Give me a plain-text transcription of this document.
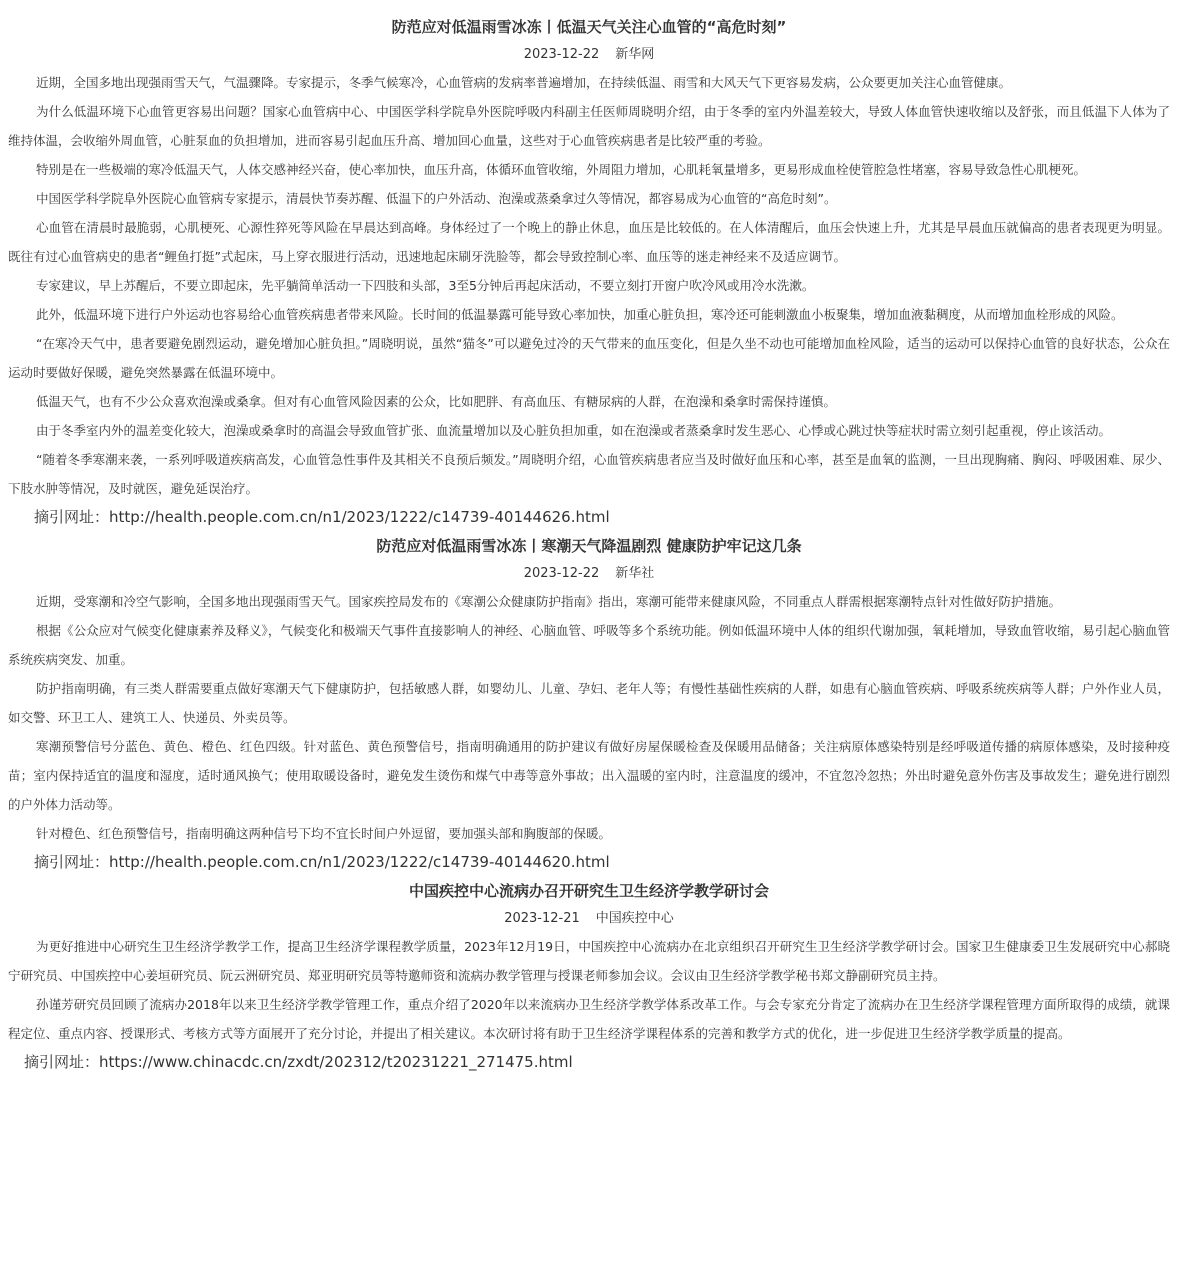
防范应对低温雨雪冰冻丨低温天气关注心血管的“高危时刻”
2023-12-22 新华网

近期，全国多地出现强雨雪天气，气温骤降。专家提示，冬季气候寒冷，心血管病的发病率普遍增加，在持续低温、雨雪和大风天气下更容易发病，公众要更加关注心血管健康。

为什么低温环境下心血管更容易出问题？国家心血管病中心、中国医学科学院阜外医院呼吸内科副主任医师周晓明介绍，由于冬季的室内外温差较大，导致人体血管快速收缩以及舒张，而且低温下人体为了维持体温，会收缩外周血管，心脏泵血的负担增加，进而容易引起血压升高、增加回心血量，这些对于心血管疾病患者是比较严重的考验。

特别是在一些极端的寒冷低温天气，人体交感神经兴奋，使心率加快，血压升高，体循环血管收缩，外周阻力增加，心肌耗氧量增多，更易形成血栓使管腔急性堵塞，容易导致急性心肌梗死。

中国医学科学院阜外医院心血管病专家提示，清晨快节奏苏醒、低温下的户外活动、泡澡或蒸桑拿过久等情况，都容易成为心血管的“高危时刻”。

心血管在清晨时最脆弱，心肌梗死、心源性猝死等风险在早晨达到高峰。身体经过了一个晚上的静止休息，血压是比较低的。在人体清醒后，血压会快速上升，尤其是早晨血压就偏高的患者表现更为明显。既往有过心血管病史的患者“鲤鱼打挺”式起床，马上穿衣服进行活动，迅速地起床刷牙洗脸等，都会导致控制心率、血压等的迷走神经来不及适应调节。

专家建议，早上苏醒后，不要立即起床，先平躺简单活动一下四肢和头部，3至5分钟后再起床活动，不要立刻打开窗户吹冷风或用冷水洗漱。

此外，低温环境下进行户外运动也容易给心血管疾病患者带来风险。长时间的低温暴露可能导致心率加快，加重心脏负担，寒冷还可能刺激血小板聚集，增加血液黏稠度，从而增加血栓形成的风险。

“在寒冷天气中，患者要避免剧烈运动，避免增加心脏负担。”周晓明说，虽然“猫冬”可以避免过冷的天气带来的血压变化，但是久坐不动也可能增加血栓风险，适当的运动可以保持心血管的良好状态，公众在运动时要做好保暖，避免突然暴露在低温环境中。

低温天气，也有不少公众喜欢泡澡或桑拿。但对有心血管风险因素的公众，比如肥胖、有高血压、有糖尿病的人群，在泡澡和桑拿时需保持谨慎。

由于冬季室内外的温差变化较大，泡澡或桑拿时的高温会导致血管扩张、血流量增加以及心脏负担加重，如在泡澡或者蒸桑拿时发生恶心、心悸或心跳过快等症状时需立刻引起重视，停止该活动。

“随着冬季寒潮来袭，一系列呼吸道疾病高发，心血管急性事件及其相关不良预后频发。”周晓明介绍，心血管疾病患者应当及时做好血压和心率，甚至是血氧的监测，一旦出现胸痛、胸闷、呼吸困难、尿少、下肢水肿等情况，及时就医，避免延误治疗。

摘引网址：http://health.people.com.cn/n1/2023/1222/c14739-40144626.html
防范应对低温雨雪冰冻丨寒潮天气降温剧烈 健康防护牢记这几条
2023-12-22 新华社

近期，受寒潮和冷空气影响，全国多地出现强雨雪天气。国家疾控局发布的《寒潮公众健康防护指南》指出，寒潮可能带来健康风险，不同重点人群需根据寒潮特点针对性做好防护措施。

根据《公众应对气候变化健康素养及释义》，气候变化和极端天气事件直接影响人的神经、心脑血管、呼吸等多个系统功能。例如低温环境中人体的组织代谢加强，氧耗增加，导致血管收缩，易引起心脑血管系统疾病突发、加重。

防护指南明确，有三类人群需要重点做好寒潮天气下健康防护，包括敏感人群，如婴幼儿、儿童、孕妇、老年人等；有慢性基础性疾病的人群，如患有心脑血管疾病、呼吸系统疾病等人群；户外作业人员，如交警、环卫工人、建筑工人、快递员、外卖员等。

寒潮预警信号分蓝色、黄色、橙色、红色四级。针对蓝色、黄色预警信号，指南明确通用的防护建议有做好房屋保暖检查及保暖用品储备；关注病原体感染特别是经呼吸道传播的病原体感染，及时接种疫苗；室内保持适宜的温度和湿度，适时通风换气；使用取暖设备时，避免发生烫伤和煤气中毒等意外事故；出入温暖的室内时，注意温度的缓冲，不宜忽冷忽热；外出时避免意外伤害及事故发生；避免进行剧烈的户外体力活动等。

针对橙色、红色预警信号，指南明确这两种信号下均不宜长时间户外逗留，要加强头部和胸腹部的保暖。

摘引网址：http://health.people.com.cn/n1/2023/1222/c14739-40144620.html
中国疾控中心流病办召开研究生卫生经济学教学研讨会
2023-12-21 中国疾控中心

为更好推进中心研究生卫生经济学教学工作，提高卫生经济学课程教学质量，2023年12月19日，中国疾控中心流病办在北京组织召开研究生卫生经济学教学研讨会。国家卫生健康委卫生发展研究中心郝晓宁研究员、中国疾控中心姜垣研究员、阮云洲研究员、郑亚明研究员等特邀师资和流病办教学管理与授课老师参加会议。会议由卫生经济学教学秘书郑文静副研究员主持。

孙谨芳研究员回顾了流病办2018年以来卫生经济学教学管理工作，重点介绍了2020年以来流病办卫生经济学教学体系改革工作。与会专家充分肯定了流病办在卫生经济学课程管理方面所取得的成绩，就课程定位、重点内容、授课形式、考核方式等方面展开了充分讨论，并提出了相关建议。本次研讨将有助于卫生经济学课程体系的完善和教学方式的优化，进一步促进卫生经济学教学质量的提高。

摘引网址：https://www.chinacdc.cn/zxdt/202312/t20231221_271475.html
